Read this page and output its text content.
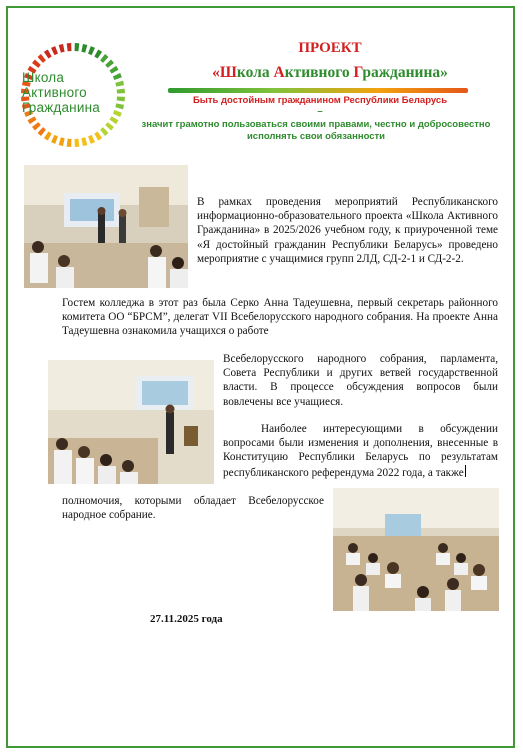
Школа
Активного
Гражданина
ПРОЕКТ
«Школа Активного Гражданина»
Быть достойным гражданином Республики Беларусь
–
значит грамотно пользоваться своими правами, честно и добросовестно исполнять свои обязанности
В рамках проведения мероприятий Республиканского информационно-образовательного проекта «Школа Активного Гражданина» в 2025/2026 учебном году, к приуроченной теме «Я достойный гражданин Республики Беларусь» проведено мероприятие с учащимися групп 2ЛД, СД-2-1 и СД-2-2.
Гостем колледжа в этот раз была Серко Анна Тадеушевна, первый секретарь районного комитета ОО “БРСМ”, делегат VII Всебелорусского народного собрания. На проекте Анна Тадеушевна ознакомила учащихся о работе
Всебелорусского народного собрания, парламента, Совета Республики и других ветвей государственной власти. В процессе обсуждения вопросов были вовлечены все учащиеся.
Наиболее интересующими в обсуждении вопросами были изменения и дополнения, внесенные в Конституцию Республики Беларусь по результатам республиканского референдума 2022 года, а также
полномочия, которыми обладает Всебелорусское народное собрание.
27.11.2025 года
